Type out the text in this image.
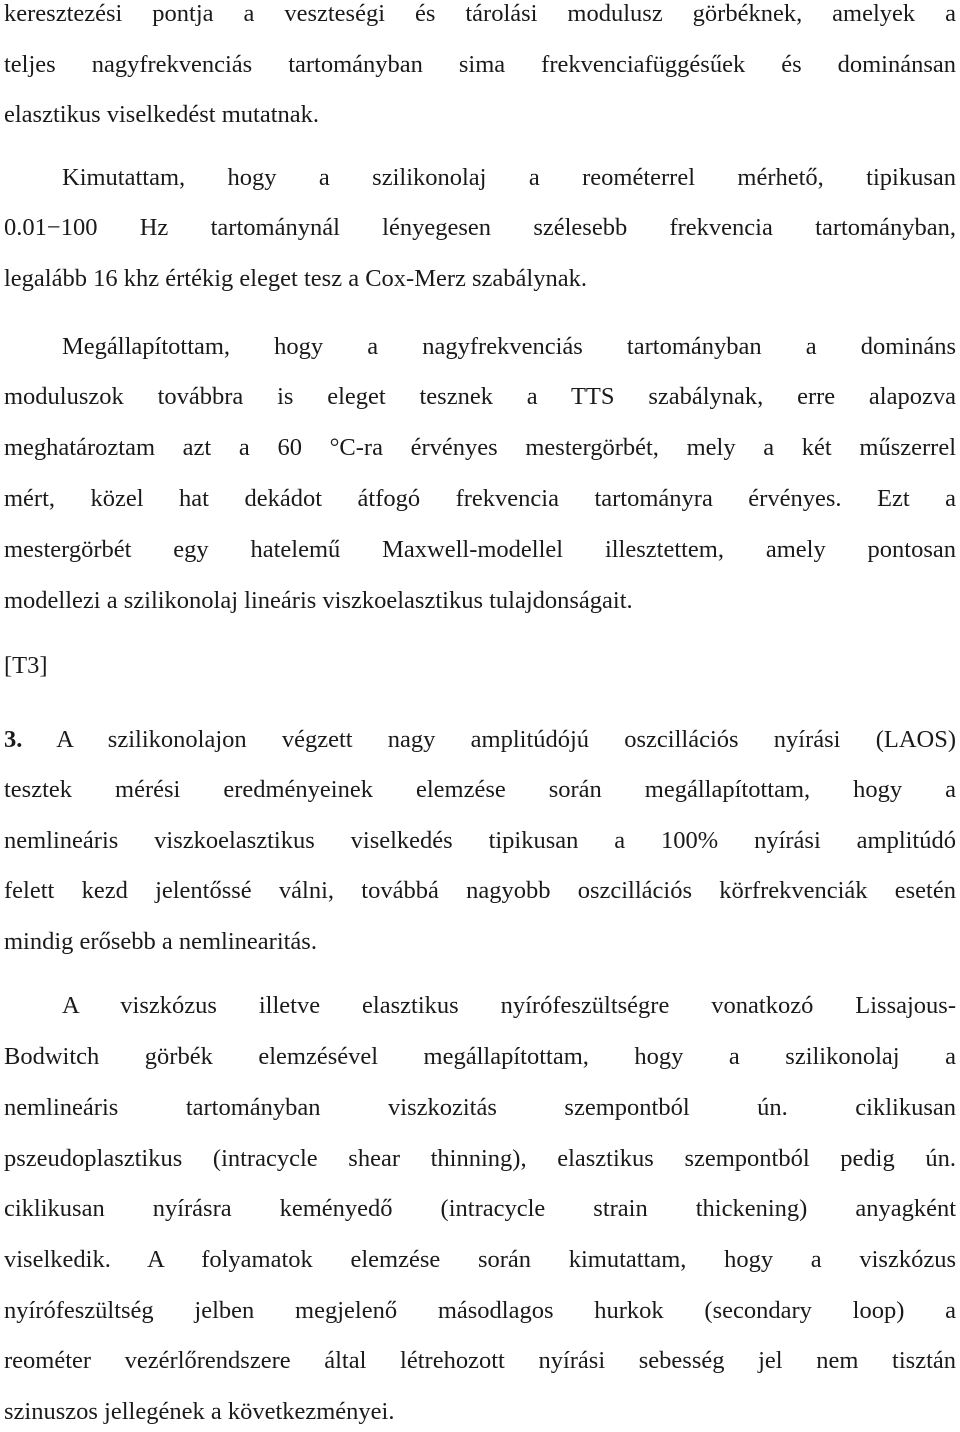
keresztezési pontja a veszteségi és tárolási modulusz görbéknek, amelyek a
teljes nagyfrekvenciás tartományban sima frekvenciafüggésűek és dominánsan
elasztikus viselkedést mutatnak.
Kimutattam, hogy a szilikonolaj a reométerrel mérhető, tipikusan
0.01−100 Hz tartománynál lényegesen szélesebb frekvencia tartományban,
legalább 16 khz értékig eleget tesz a Cox-Merz szabálynak.
Megállapítottam, hogy a nagyfrekvenciás tartományban a domináns
moduluszok továbbra is eleget tesznek a TTS szabálynak, erre alapozva
meghatároztam azt a 60 °C-ra érvényes mestergörbét, mely a két műszerrel
mért, közel hat dekádot átfogó frekvencia tartományra érvényes. Ezt a
mestergörbét egy hatelemű Maxwell-modellel illesztettem, amely pontosan
modellezi a szilikonolaj lineáris viszkoelasztikus tulajdonságait.
[T3]
3. A szilikonolajon végzett nagy amplitúdójú oszcillációs nyírási (LAOS)
tesztek mérési eredményeinek elemzése során megállapítottam, hogy a
nemlineáris viszkoelasztikus viselkedés tipikusan a 100% nyírási amplitúdó
felett kezd jelentőssé válni, továbbá nagyobb oszcillációs körfrekvenciák esetén
mindig erősebb a nemlinearitás.
A viszkózus illetve elasztikus nyírófeszültségre vonatkozó Lissajous-
Bodwitch görbék elemzésével megállapítottam, hogy a szilikonolaj a
nemlineáris tartományban viszkozitás szempontból ún. ciklikusan
pszeudoplasztikus (intracycle shear thinning), elasztikus szempontból pedig ún.
ciklikusan nyírásra keményedő (intracycle strain thickening) anyagként
viselkedik. A folyamatok elemzése során kimutattam, hogy a viszkózus
nyírófeszültség jelben megjelenő másodlagos hurkok (secondary loop) a
reométer vezérlőrendszere által létrehozott nyírási sebesség jel nem tisztán
szinuszos jellegének a következményei.
